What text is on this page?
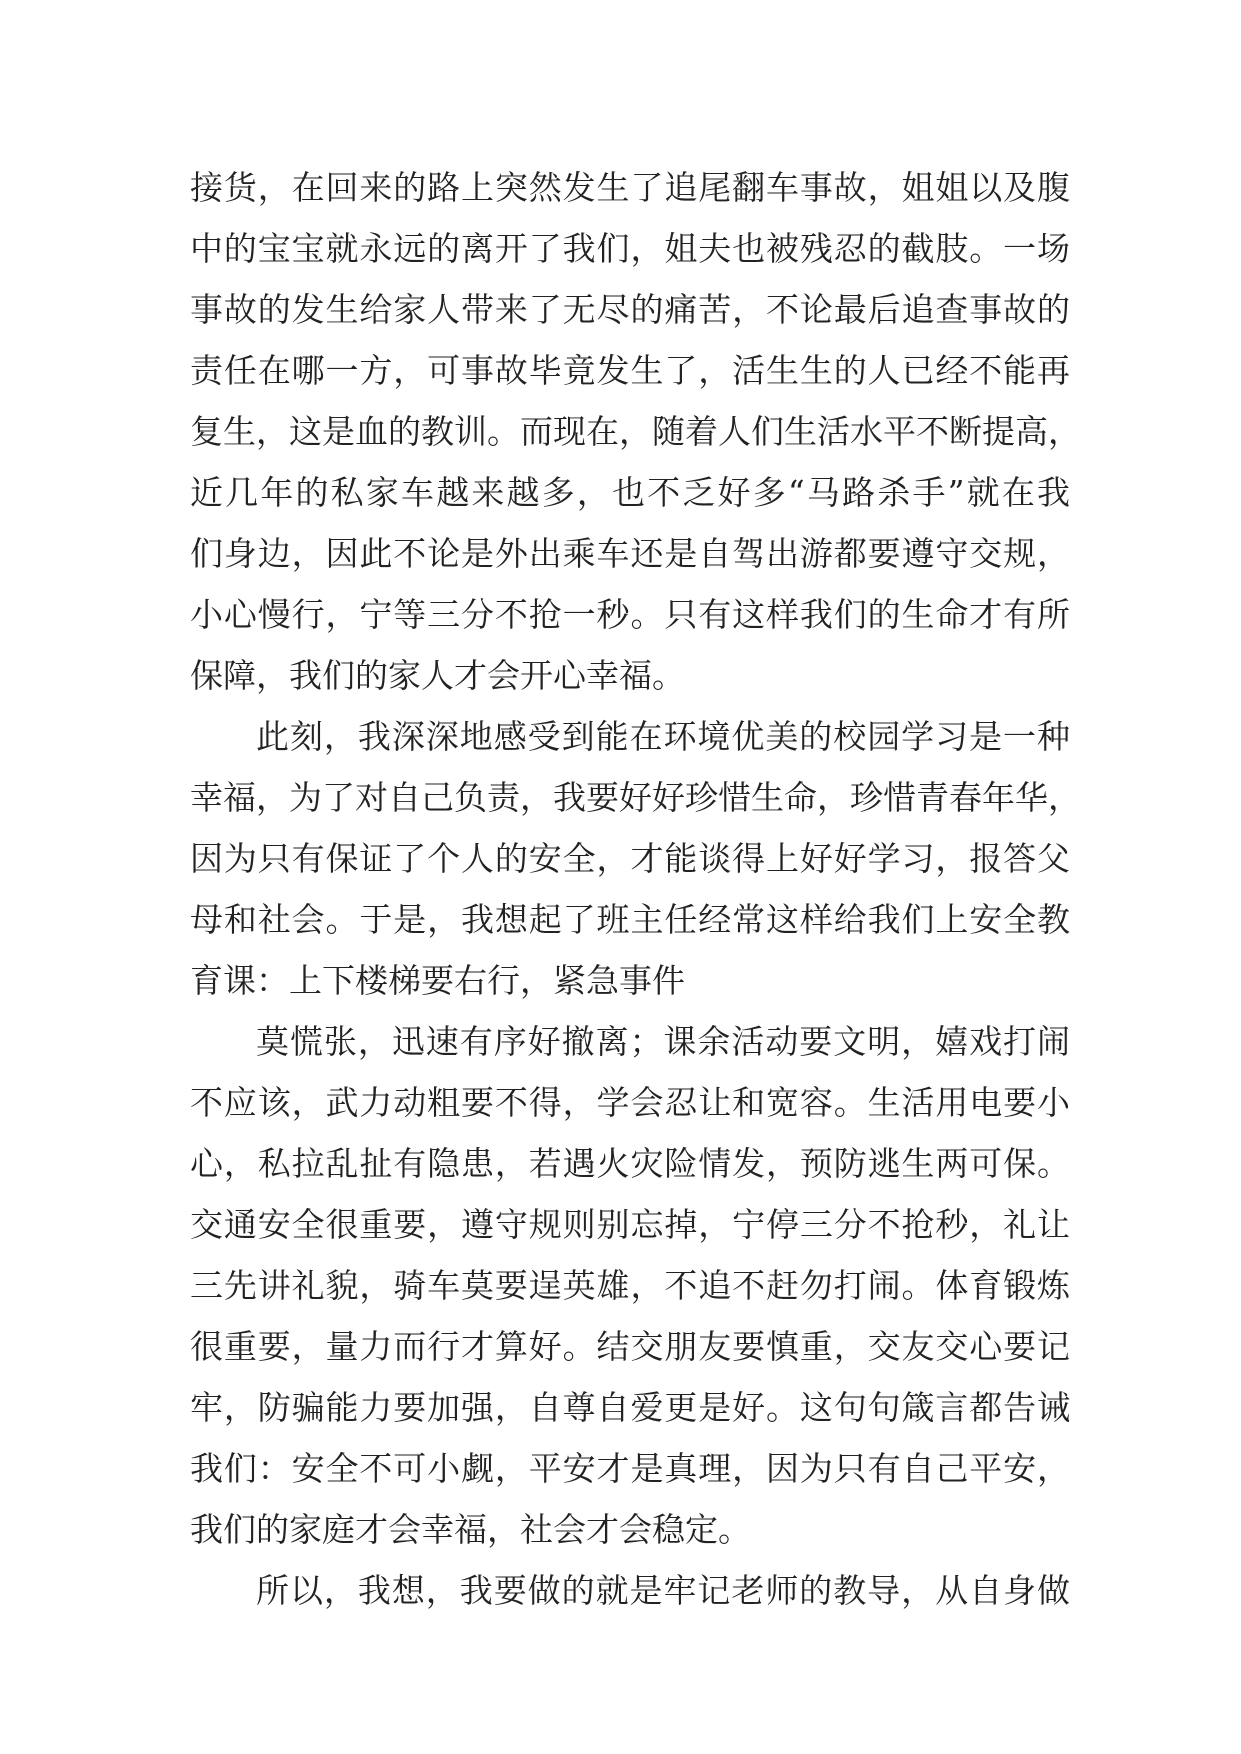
接货，在回来的路上突然发生了追尾翻车事故，姐姐以及腹

中的宝宝就永远的离开了我们，姐夫也被残忍的截肢。一场

事故的发生给家人带来了无尽的痛苦，不论最后追查事故的

责任在哪一方，可事故毕竟发生了，活生生的人已经不能再

复生，这是血的教训。而现在，随着人们生活水平不断提高，

近几年的私家车越来越多，也不乏好多“马路杀手”就在我

们身边，因此不论是外出乘车还是自驾出游都要遵守交规，

小心慢行，宁等三分不抢一秒。只有这样我们的生命才有所

保障，我们的家人才会开心幸福。

此刻，我深深地感受到能在环境优美的校园学习是一种

幸福，为了对自己负责，我要好好珍惜生命，珍惜青春年华，

因为只有保证了个人的安全，才能谈得上好好学习，报答父

母和社会。于是，我想起了班主任经常这样给我们上安全教

育课：上下楼梯要右行，紧急事件

莫慌张，迅速有序好撤离；课余活动要文明，嬉戏打闹

不应该，武力动粗要不得，学会忍让和宽容。生活用电要小

心，私拉乱扯有隐患，若遇火灾险情发，预防逃生两可保。

交通安全很重要，遵守规则别忘掉，宁停三分不抢秒，礼让

三先讲礼貌，骑车莫要逞英雄，不追不赶勿打闹。体育锻炼

很重要，量力而行才算好。结交朋友要慎重，交友交心要记

牢，防骗能力要加强，自尊自爱更是好。这句句箴言都告诫

我们：安全不可小觑，平安才是真理，因为只有自己平安，

我们的家庭才会幸福，社会才会稳定。

所以，我想，我要做的就是牢记老师的教导，从自身做
